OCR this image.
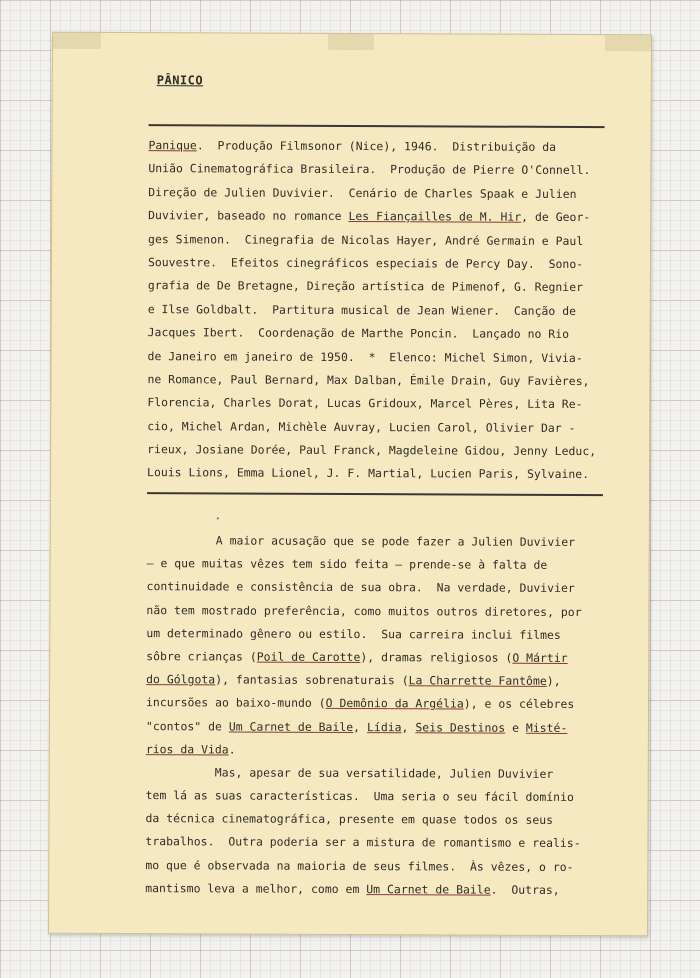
PÂNICO
Panique.  Produção Filmsonor (Nice), 1946.  Distribuição da
União Cinematográfica Brasileira.  Produção de Pierre O'Connell.
Direção de Julien Duvivier.  Cenário de Charles Spaak e Julien
Duvivier, baseado no romance Les Fiançailles de M. Hir, de Geor-
ges Simenon.  Cinegrafia de Nicolas Hayer, André Germain e Paul
Souvestre.  Efeitos cinegráficos especiais de Percy Day.  Sono-
grafia de De Bretagne, Direção artística de Pimenof, G. Regnier
e Ilse Goldbalt.  Partitura musical de Jean Wiener.  Canção de
Jacques Ibert.  Coordenação de Marthe Poncin.  Lançado no Rio
de Janeiro em janeiro de 1950.  *  Elenco: Michel Simon, Vivia-
ne Romance, Paul Bernard, Max Dalban, Émile Drain, Guy Favières,
Florencia, Charles Dorat, Lucas Gridoux, Marcel Pères, Lita Re-
cio, Michel Ardan, Michèle Auvray, Lucien Carol, Olivier Dar -
rieux, Josiane Dorée, Paul Franck, Magdeleine Gidou, Jenny Leduc,
Louis Lions, Emma Lionel, J. F. Martial, Lucien Paris, Sylvaine.
A maior acusação que se pode fazer a Julien Duvivier
— e que muitas vêzes tem sido feita — prende-se à falta de
continuidade e consistência de sua obra.  Na verdade, Duvivier
não tem mostrado preferência, como muitos outros diretores, por
um determinado gênero ou estilo.  Sua carreira inclui filmes
sôbre crianças (Poil de Carotte), dramas religiosos (O Mártir
do Gólgota), fantasias sobrenaturais (La Charrette Fantôme),
incursões ao baixo-mundo (O Demônio da Argélia), e os célebres
"contos" de Um Carnet de Baile, Lídia, Seis Destinos e Misté-
rios da Vida.
Mas, apesar de sua versatilidade, Julien Duvivier
tem lá as suas características.  Uma seria o seu fácil domínio
da técnica cinematográfica, presente em quase todos os seus
trabalhos.  Outra poderia ser a mistura de romantismo e realis-
mo que é observada na maioria de seus filmes.  Às vêzes, o ro-
mantismo leva a melhor, como em Um Carnet de Baile.  Outras,
